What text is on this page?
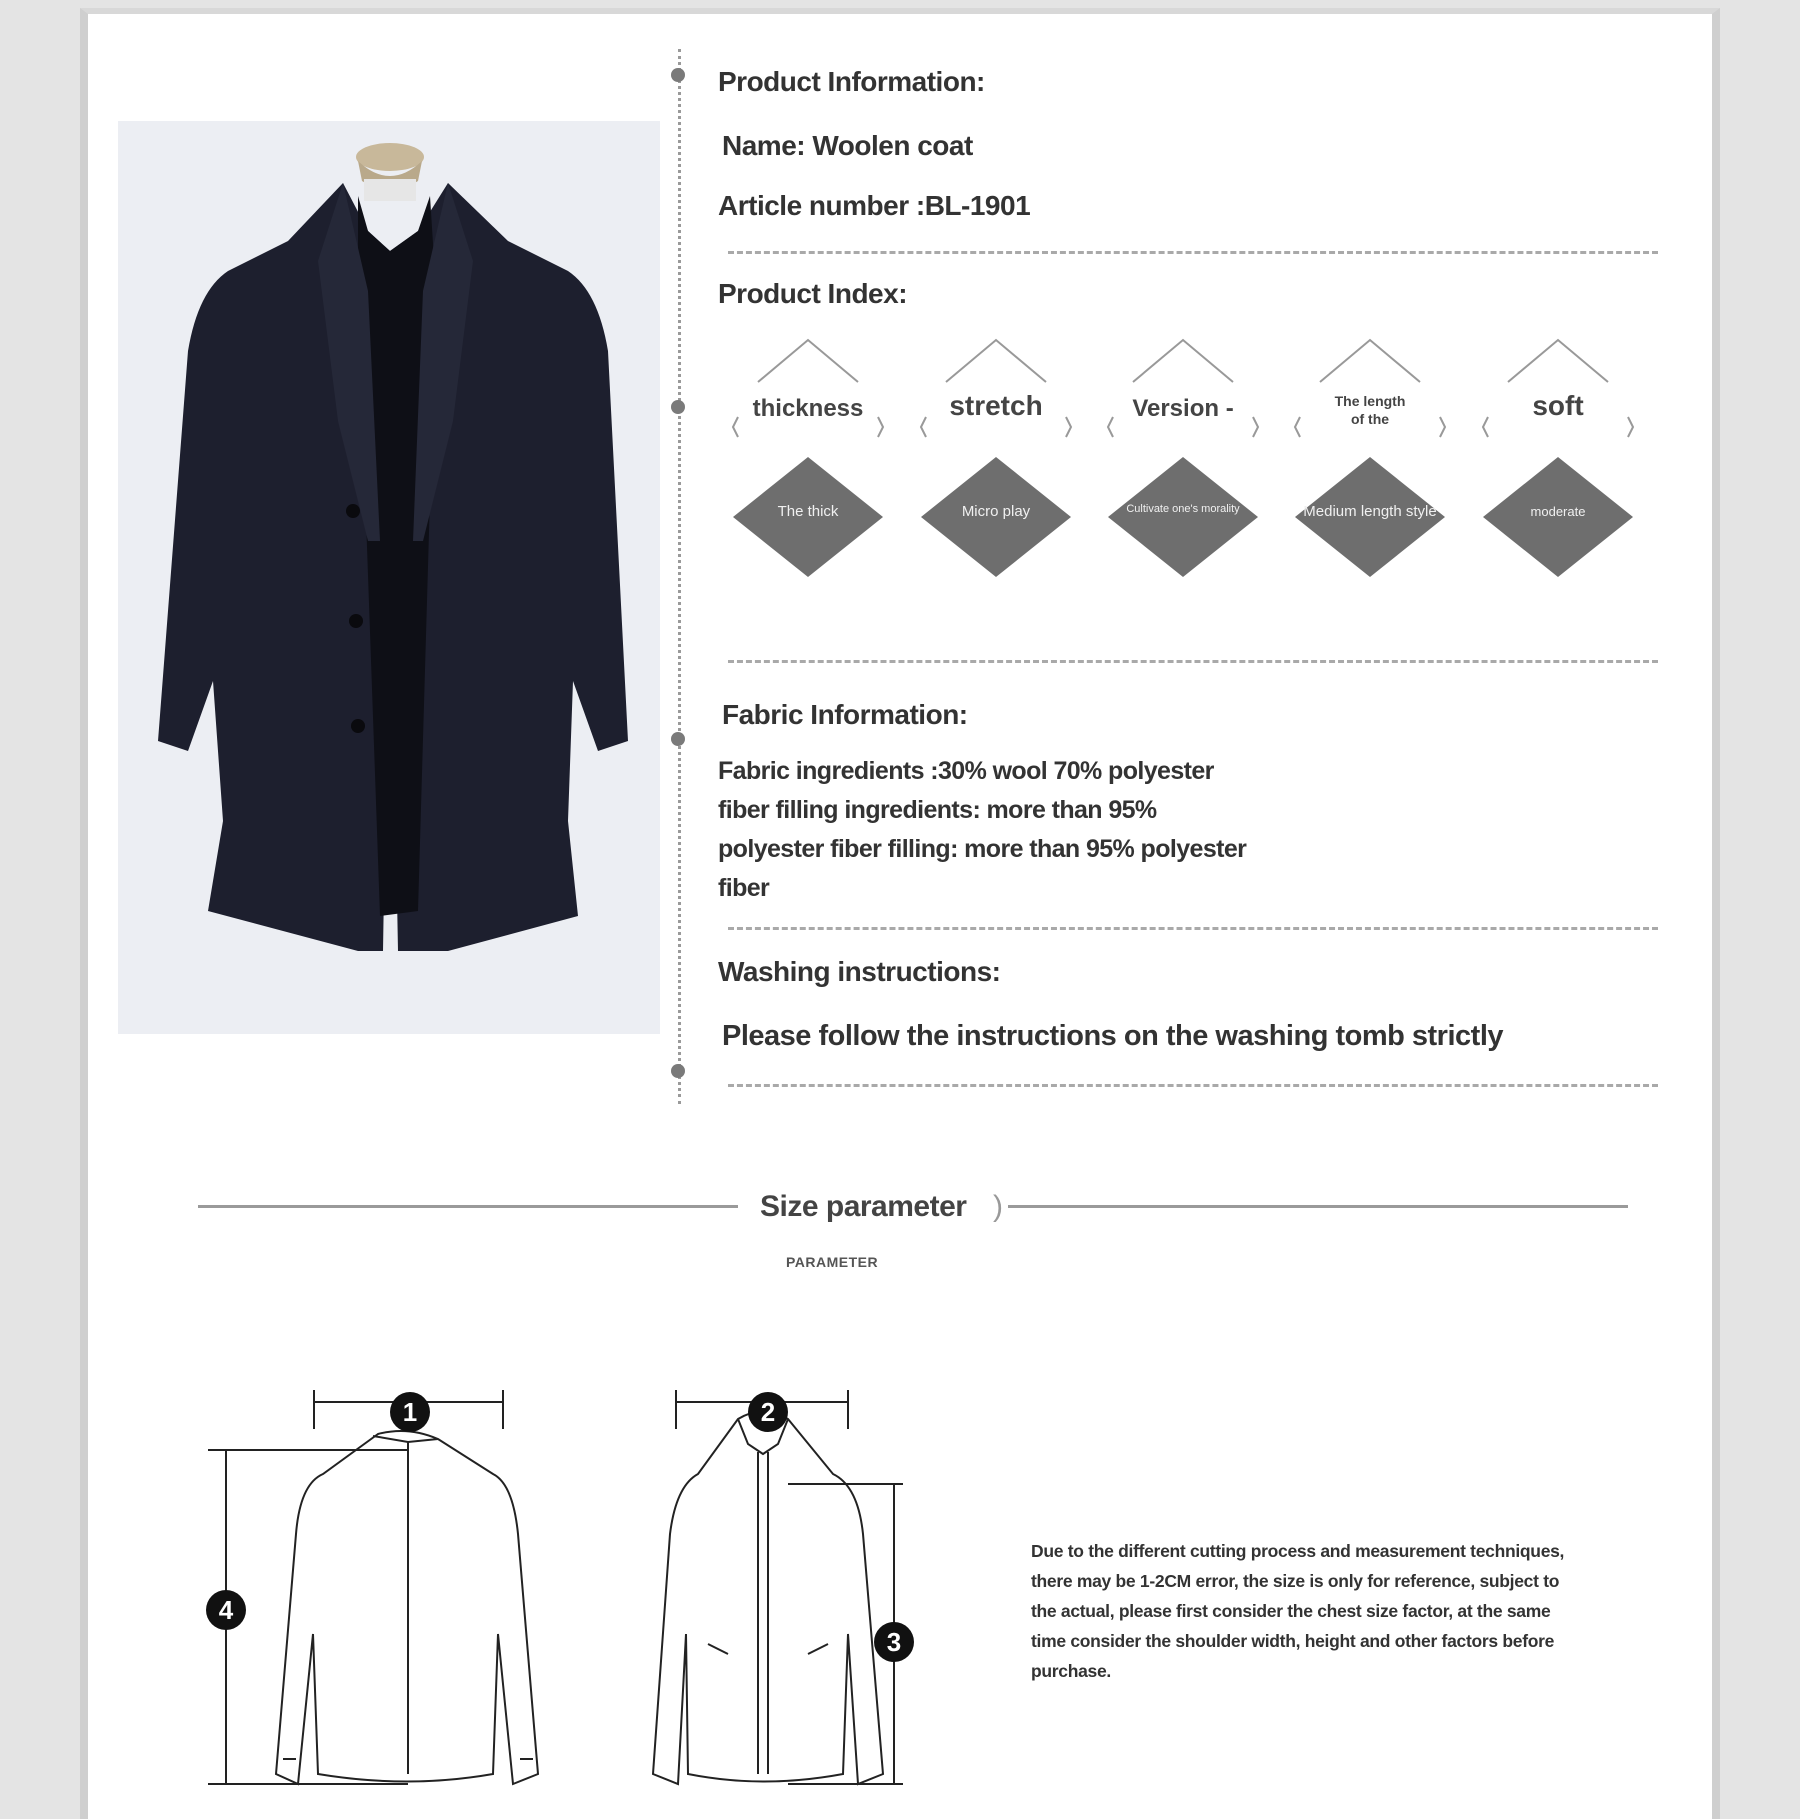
Product Information:
Name: Woolen coat
Article number :BL-1901
Product Index:
thickness
The thick
stretch
Micro play
Version -
Cultivate one's morality
The length of the
Medium length style
soft
moderate
Fabric Information:
Fabric ingredients :30% wool 70% polyester
fiber filling ingredients: more than 95%
polyester fiber filling: more than 95% polyester
fiber
Washing instructions:
Please follow the instructions on the washing tomb strictly
Size parameter )
PARAMETER
1	2
3
4
Due to the different cutting process and measurement techniques, there may be 1-2CM error, the size is only for reference, subject to the actual, please first consider the chest size factor, at the same time consider the shoulder width, height and other factors before purchase.
